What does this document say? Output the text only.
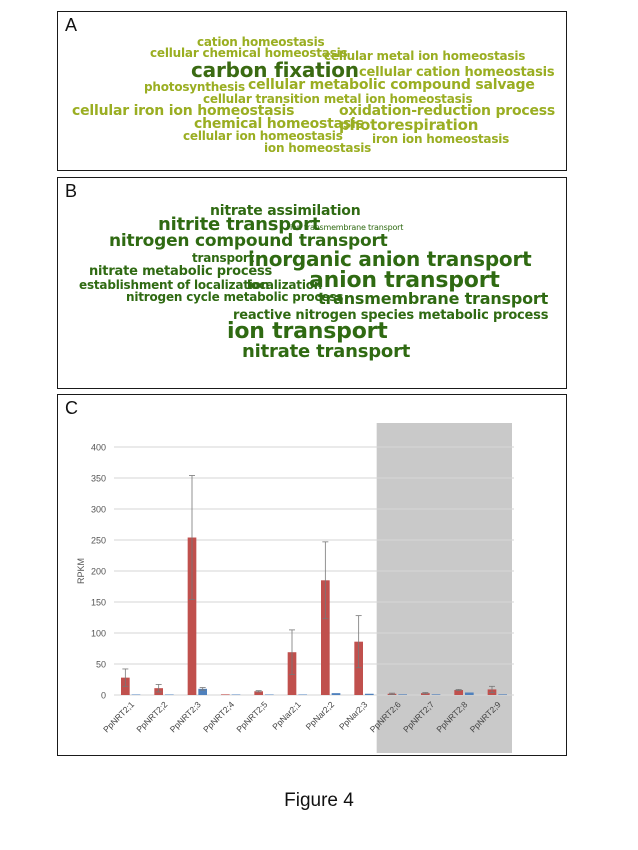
A
cation homeostasis
cellular chemical homeostasis
cellular metal ion homeostasis
carbon fixation cellular cation homeostasis
photosynthesis cellular metabolic compound salvage
cellular transition metal ion homeostasis
cellular iron ion homeostasis	oxidation-reduction process
chemical homeostasis
photorespiration
cellular ion homeostasis iron ion homeostasis
ion homeostasis
B
nitrate assimilation
nitrite transport
ion transmembrane transport
nitrogen compound transport
transport
inorganic anion transport
nitrate metabolic process
establishment of localization
localization
anion transport
nitrogen cycle metabolic process
transmembrane transport
reactive nitrogen species metabolic process
ion transport
nitrate transport
C
0
50
100
150
200
250
300
350
400
RPKM
PpNRT2;1
PpNRT2;2
PpNRT2;3
PpNRT2;4
PpNRT2;5 PpNar2;1 PpNar2;2 PpNar2;3
PpNRT2;6
PpNRT2;7
PpNRT2;8
PpNRT2;9
Figure 4
